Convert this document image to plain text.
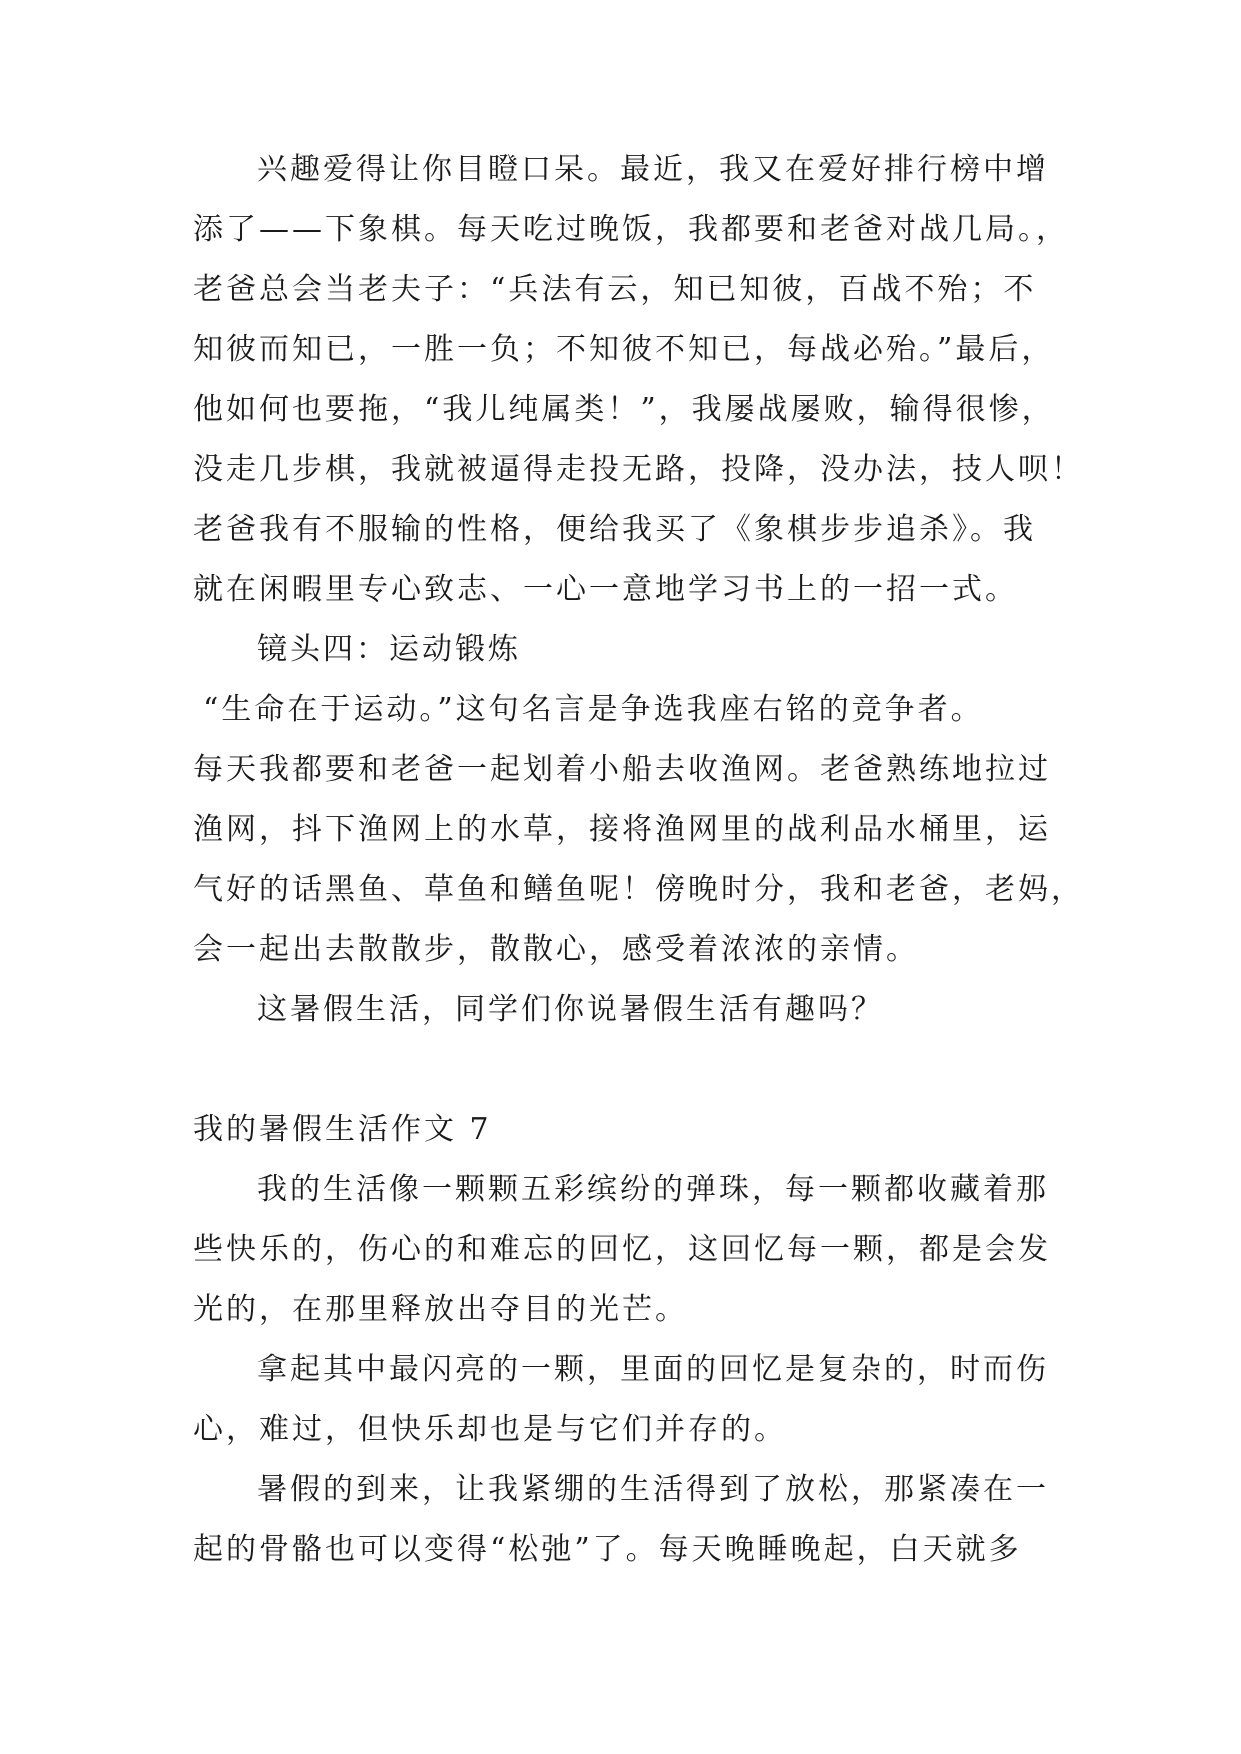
兴趣爱得让你目瞪口呆。最近，我又在爱好排行榜中增
添了——下象棋。每天吃过晚饭，我都要和老爸对战几局。，
老爸总会当老夫子：“兵法有云，知已知彼，百战不殆；不
知彼而知已，一胜一负；不知彼不知已，每战必殆。”最后，
他如何也要拖，“我儿纯属类！”，我屡战屡败，输得很惨，
没走几步棋，我就被逼得走投无路，投降，没办法，技人呗！
老爸我有不服输的性格，便给我买了《象棋步步追杀》。我
就在闲暇里专心致志、一心一意地学习书上的一招一式。
镜头四：运动锻炼
“生命在于运动。”这句名言是争选我座右铭的竞争者。
每天我都要和老爸一起划着小船去收渔网。老爸熟练地拉过
渔网，抖下渔网上的水草，接将渔网里的战利品水桶里，运
气好的话黑鱼、草鱼和鳝鱼呢！傍晚时分，我和老爸，老妈，
会一起出去散散步，散散心，感受着浓浓的亲情。
这暑假生活，同学们你说暑假生活有趣吗？
我的暑假生活作文 7
我的生活像一颗颗五彩缤纷的弹珠，每一颗都收藏着那
些快乐的，伤心的和难忘的回忆，这回忆每一颗，都是会发
光的，在那里释放出夺目的光芒。
拿起其中最闪亮的一颗，里面的回忆是复杂的，时而伤
心，难过，但快乐却也是与它们并存的。
暑假的到来，让我紧绷的生活得到了放松，那紧凑在一
起的骨骼也可以变得“松弛”了。每天晚睡晚起，白天就多
